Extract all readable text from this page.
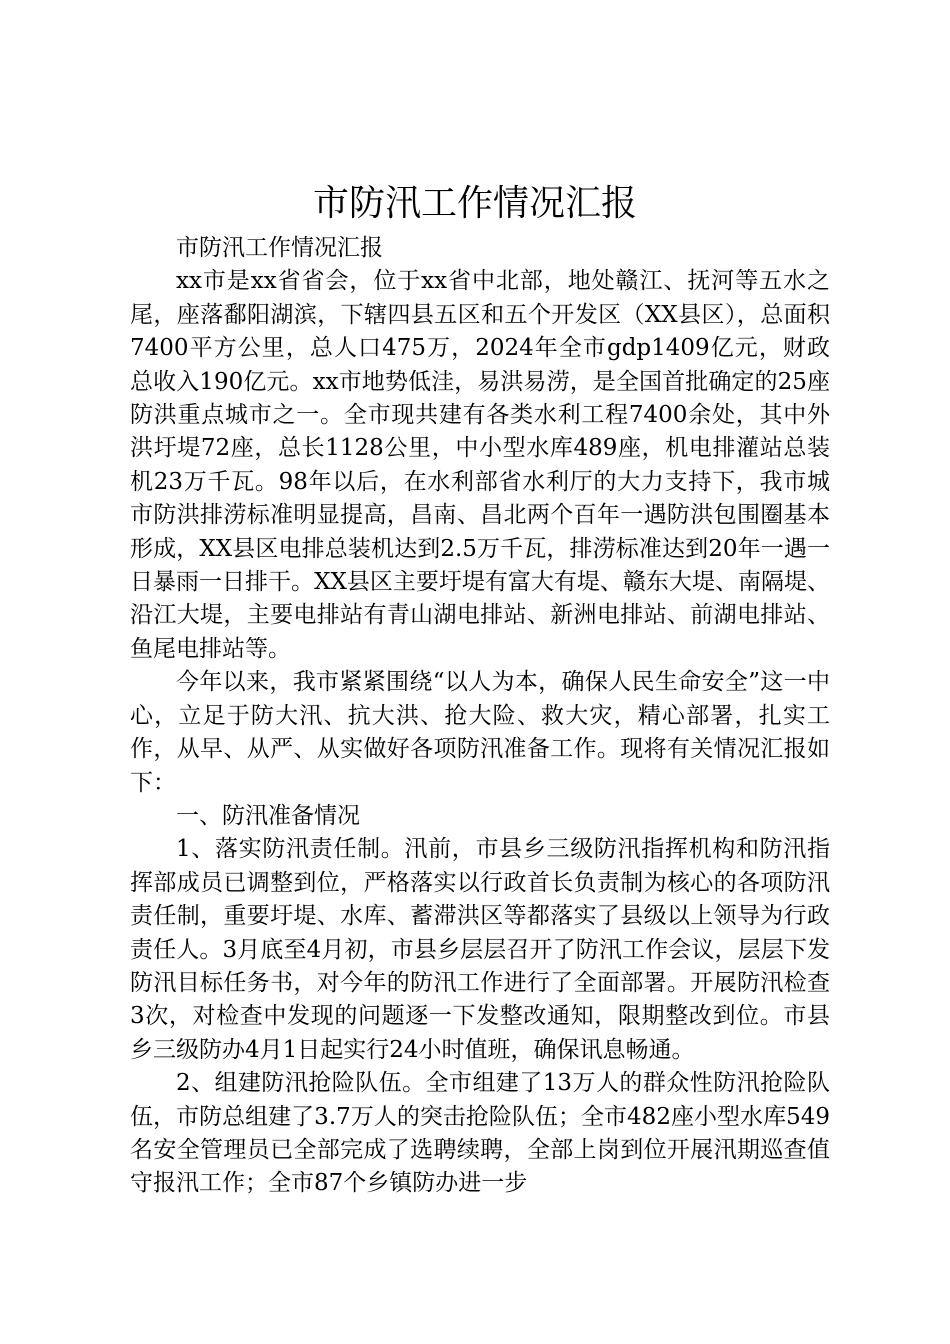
市防汛工作情况汇报

市防汛工作情况汇报

xx市是xx省省会，位于xx省中北部，地处赣江、抚河等五水之尾，座落鄱阳湖滨，下辖四县五区和五个开发区（XX县区），总面积7400平方公里，总人口475万，2024年全市gdp1409亿元，财政总收入190亿元。xx市地势低洼，易洪易涝，是全国首批确定的25座防洪重点城市之一。全市现共建有各类水利工程7400余处，其中外洪圩堤72座，总长1128公里，中小型水库489座，机电排灌站总装机23万千瓦。98年以后，在水利部省水利厅的大力支持下，我市城市防洪排涝标准明显提高，昌南、昌北两个百年一遇防洪包围圈基本形成，XX县区电排总装机达到2.5万千瓦，排涝标准达到20年一遇一日暴雨一日排干。XX县区主要圩堤有富大有堤、赣东大堤、南隔堤、沿江大堤，主要电排站有青山湖电排站、新洲电排站、前湖电排站、鱼尾电排站等。

今年以来，我市紧紧围绕“以人为本，确保人民生命安全”这一中心，立足于防大汛、抗大洪、抢大险、救大灾，精心部署，扎实工作，从早、从严、从实做好各项防汛准备工作。现将有关情况汇报如下：

一、防汛准备情况

1、落实防汛责任制。汛前，市县乡三级防汛指挥机构和防汛指挥部成员已调整到位，严格落实以行政首长负责制为核心的各项防汛责任制，重要圩堤、水库、蓄滞洪区等都落实了县级以上领导为行政责任人。3月底至4月初，市县乡层层召开了防汛工作会议，层层下发防汛目标任务书，对今年的防汛工作进行了全面部署。开展防汛检查3次，对检查中发现的问题逐一下发整改通知，限期整改到位。市县乡三级防办4月1日起实行24小时值班，确保讯息畅通。

2、组建防汛抢险队伍。全市组建了13万人的群众性防汛抢险队伍，市防总组建了3.7万人的突击抢险队伍；全市482座小型水库549名安全管理员已全部完成了选聘续聘，全部上岗到位开展汛期巡查值守报汛工作；全市87个乡镇防办进一步
